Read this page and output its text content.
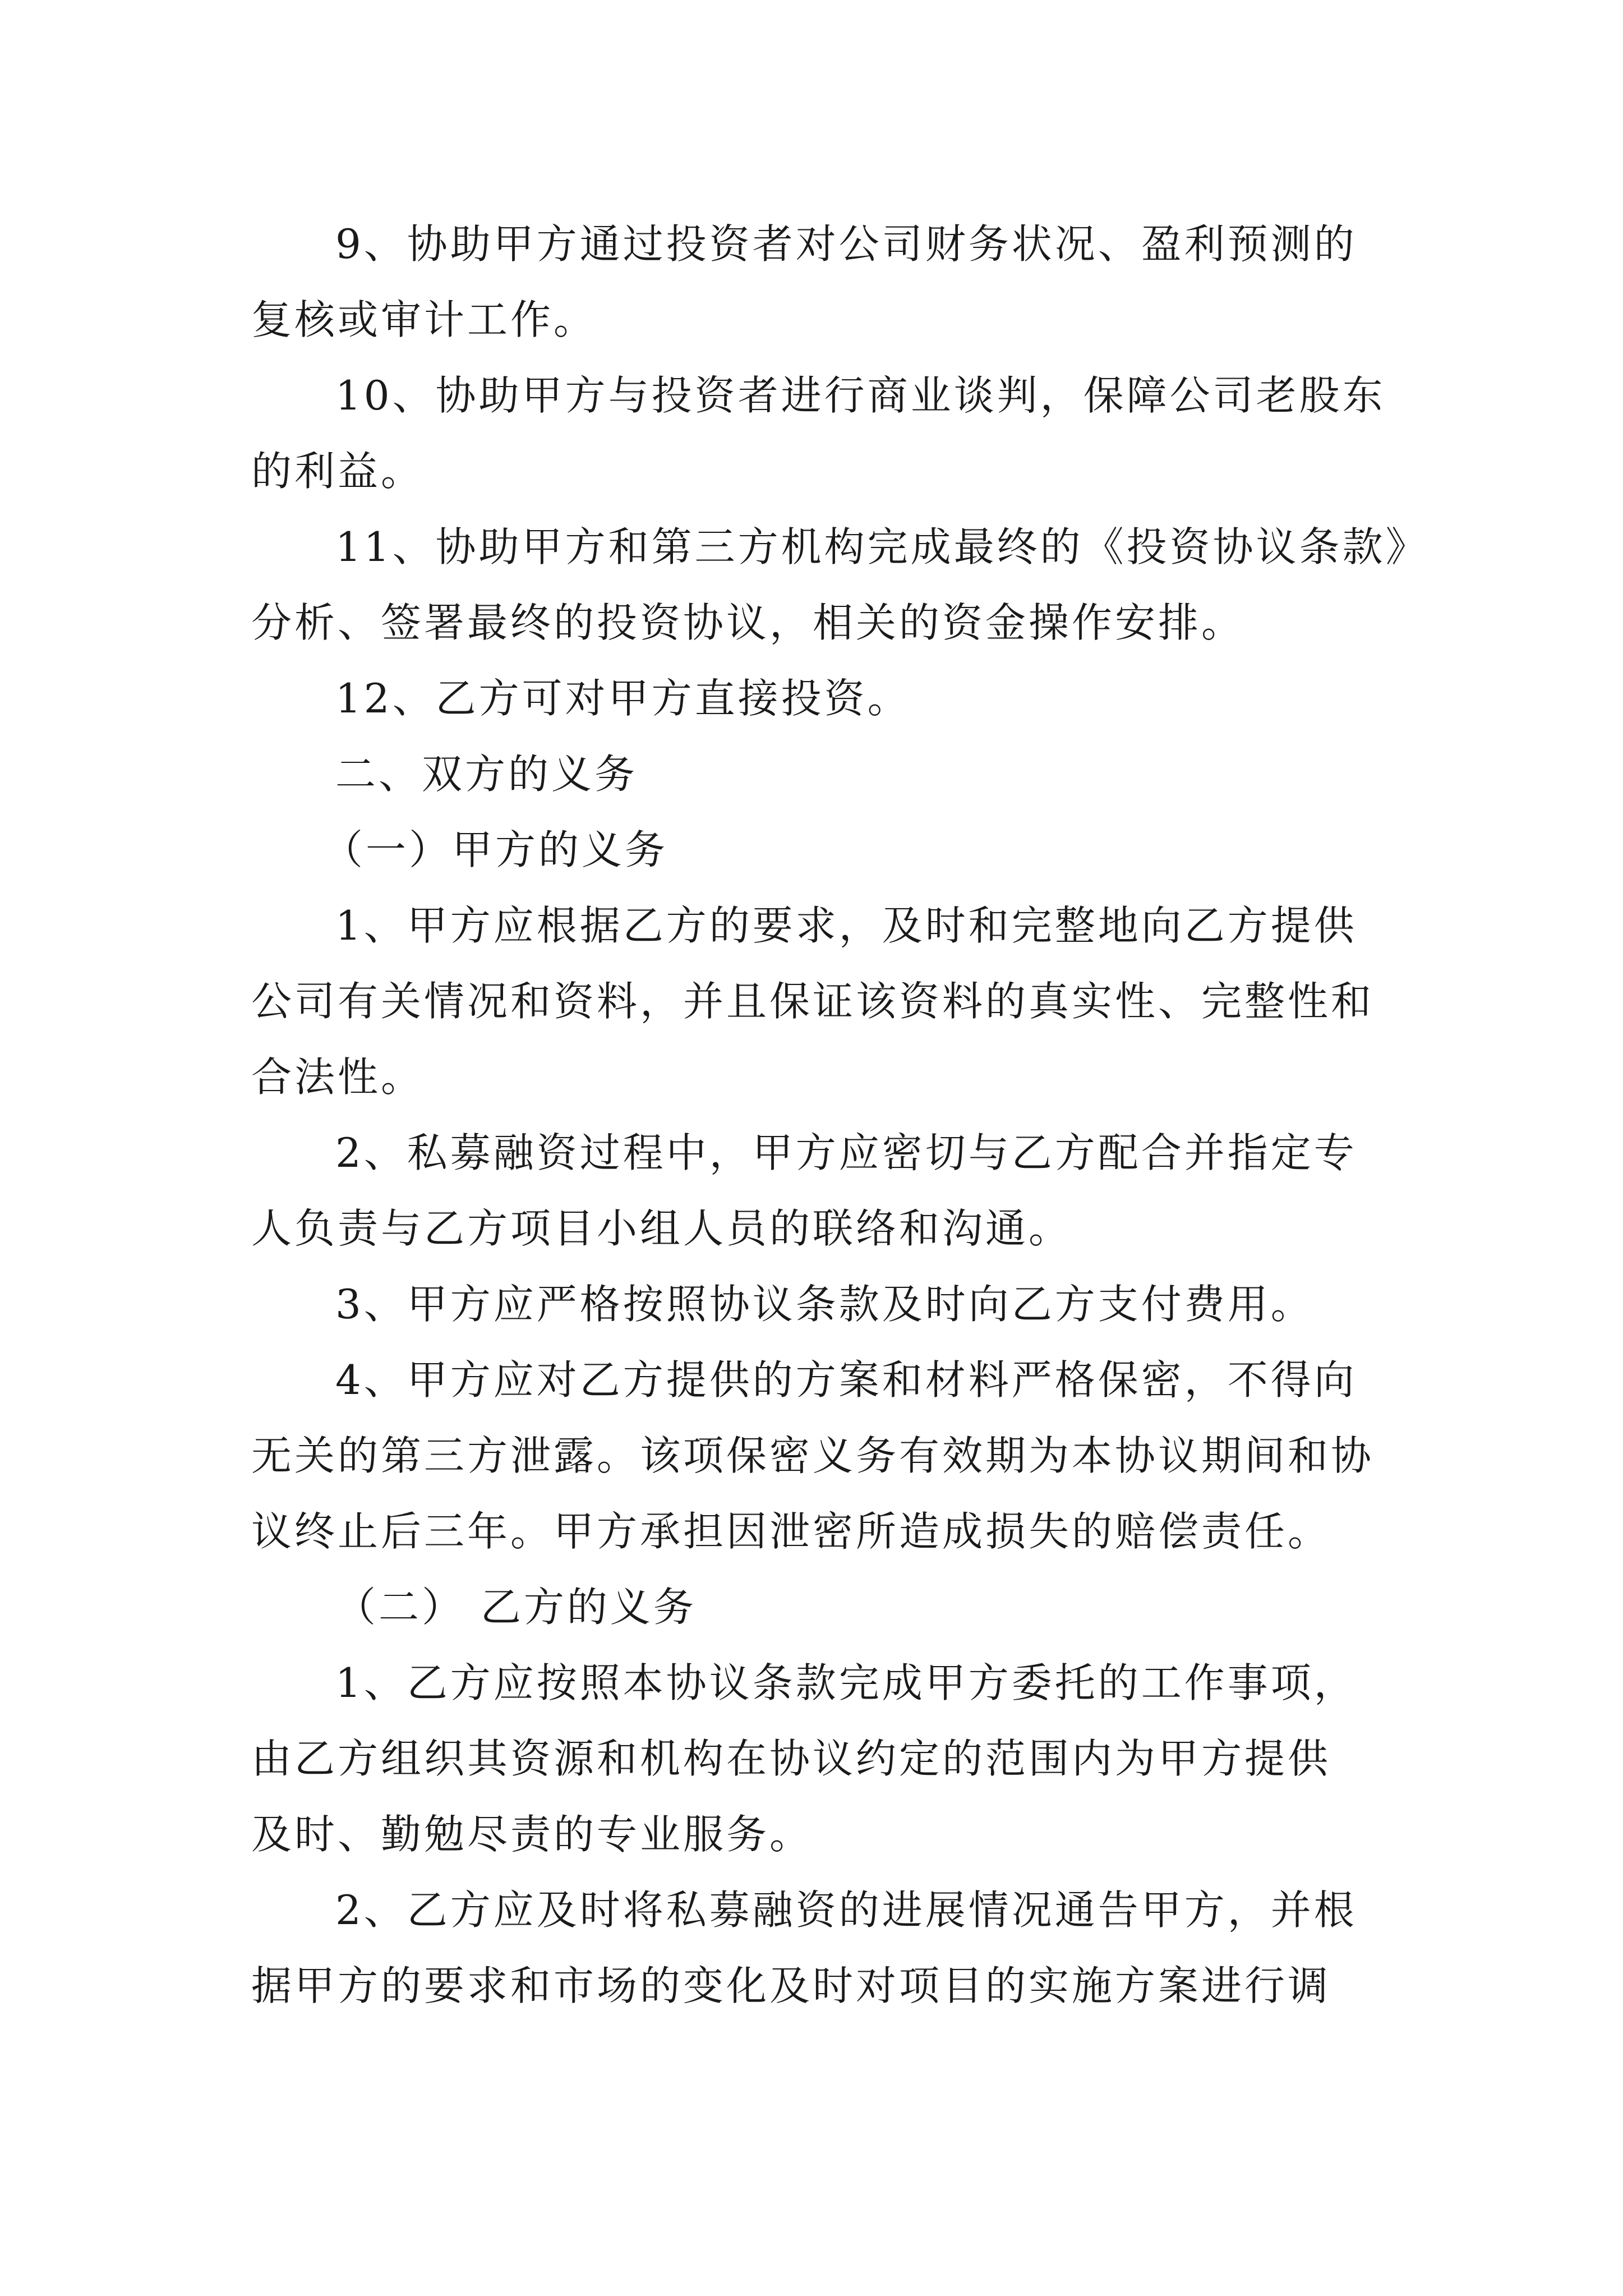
9、协助甲方通过投资者对公司财务状况、盈利预测的
复核或审计工作。
10、协助甲方与投资者进行商业谈判，保障公司老股东
的利益。
11、协助甲方和第三方机构完成最终的《投资协议条款》
分析、签署最终的投资协议，相关的资金操作安排。
12、乙方可对甲方直接投资。
二、双方的义务
（一）甲方的义务
1、甲方应根据乙方的要求，及时和完整地向乙方提供
公司有关情况和资料，并且保证该资料的真实性、完整性和
合法性。
2、私募融资过程中，甲方应密切与乙方配合并指定专
人负责与乙方项目小组人员的联络和沟通。
3、甲方应严格按照协议条款及时向乙方支付费用。
4、甲方应对乙方提供的方案和材料严格保密，不得向
无关的第三方泄露。该项保密义务有效期为本协议期间和协
议终止后三年。甲方承担因泄密所造成损失的赔偿责任。
（二） 乙方的义务
1、乙方应按照本协议条款完成甲方委托的工作事项，
由乙方组织其资源和机构在协议约定的范围内为甲方提供
及时、勤勉尽责的专业服务。
2、乙方应及时将私募融资的进展情况通告甲方，并根
据甲方的要求和市场的变化及时对项目的实施方案进行调
